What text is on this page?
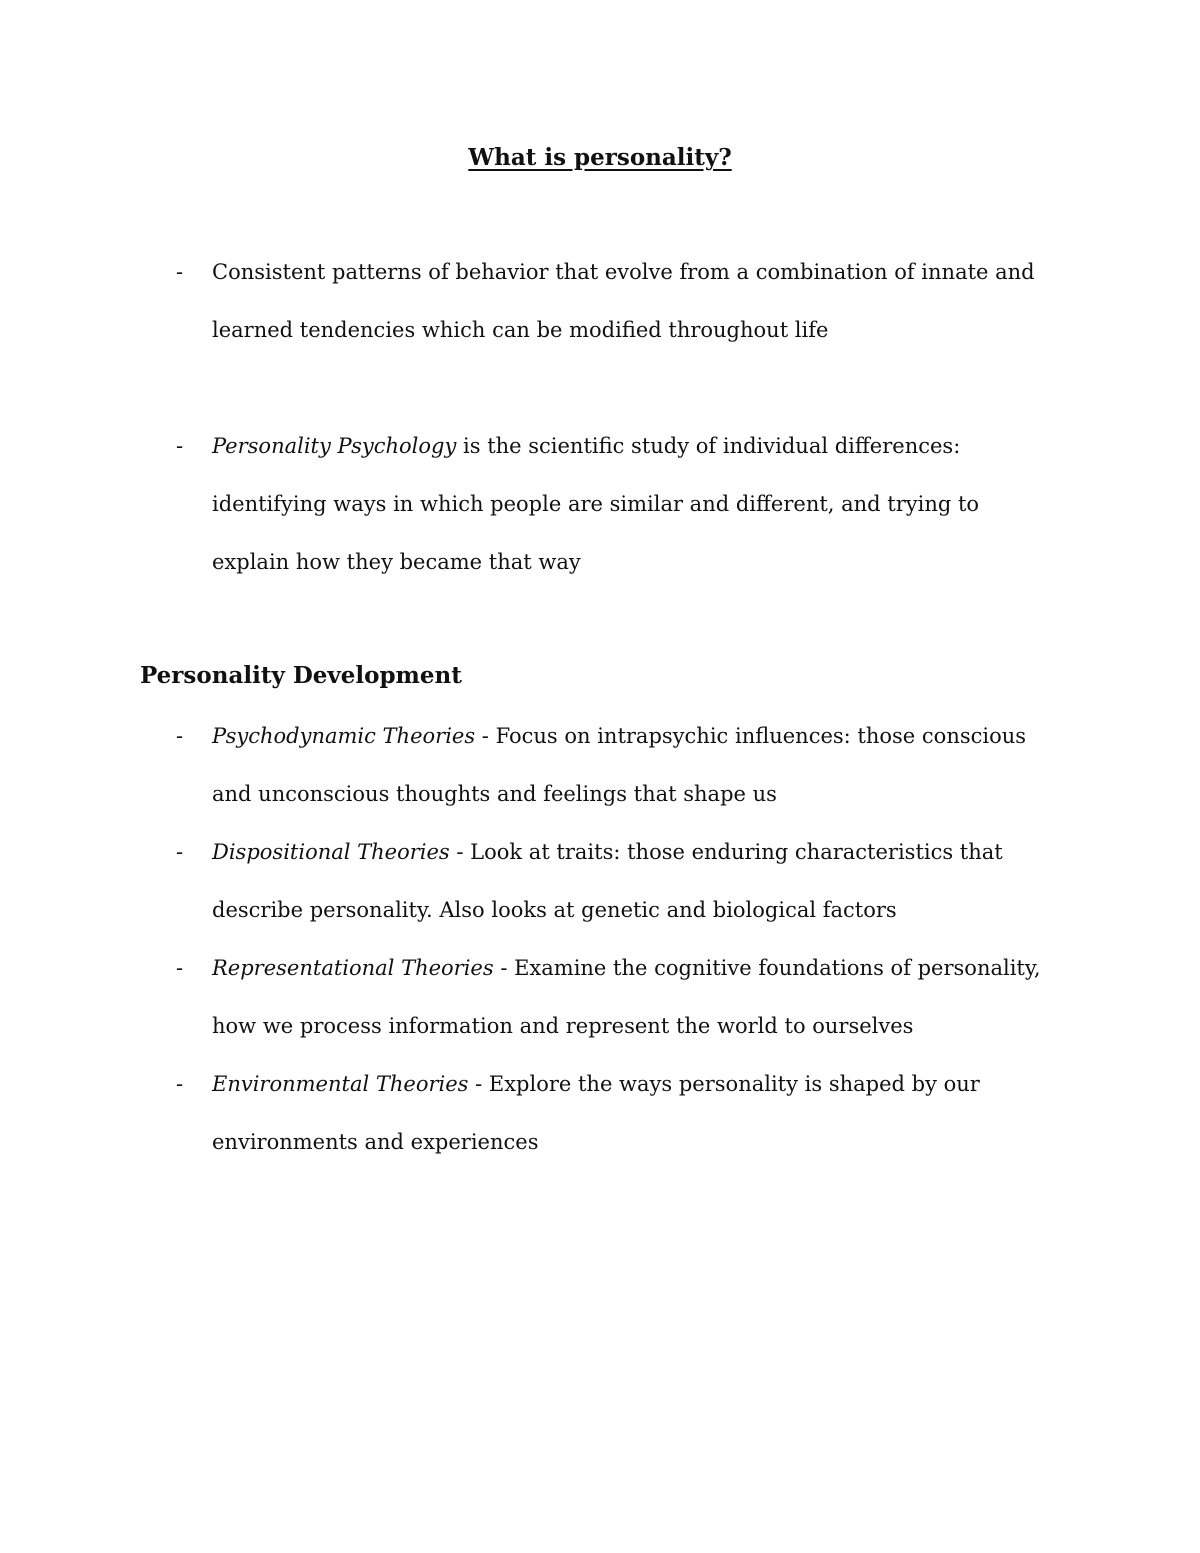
What is personality?
- Consistent patterns of behavior that evolve from a combination of innate and learned tendencies which can be modified throughout life
- Personality Psychology is the scientific study of individual differences: identifying ways in which people are similar and different, and trying to explain how they became that way
Personality Development
- Psychodynamic Theories - Focus on intrapsychic influences: those conscious and unconscious thoughts and feelings that shape us
- Dispositional Theories - Look at traits: those enduring characteristics that describe personality. Also looks at genetic and biological factors
- Representational Theories - Examine the cognitive foundations of personality, how we process information and represent the world to ourselves
- Environmental Theories - Explore the ways personality is shaped by our environments and experiences
